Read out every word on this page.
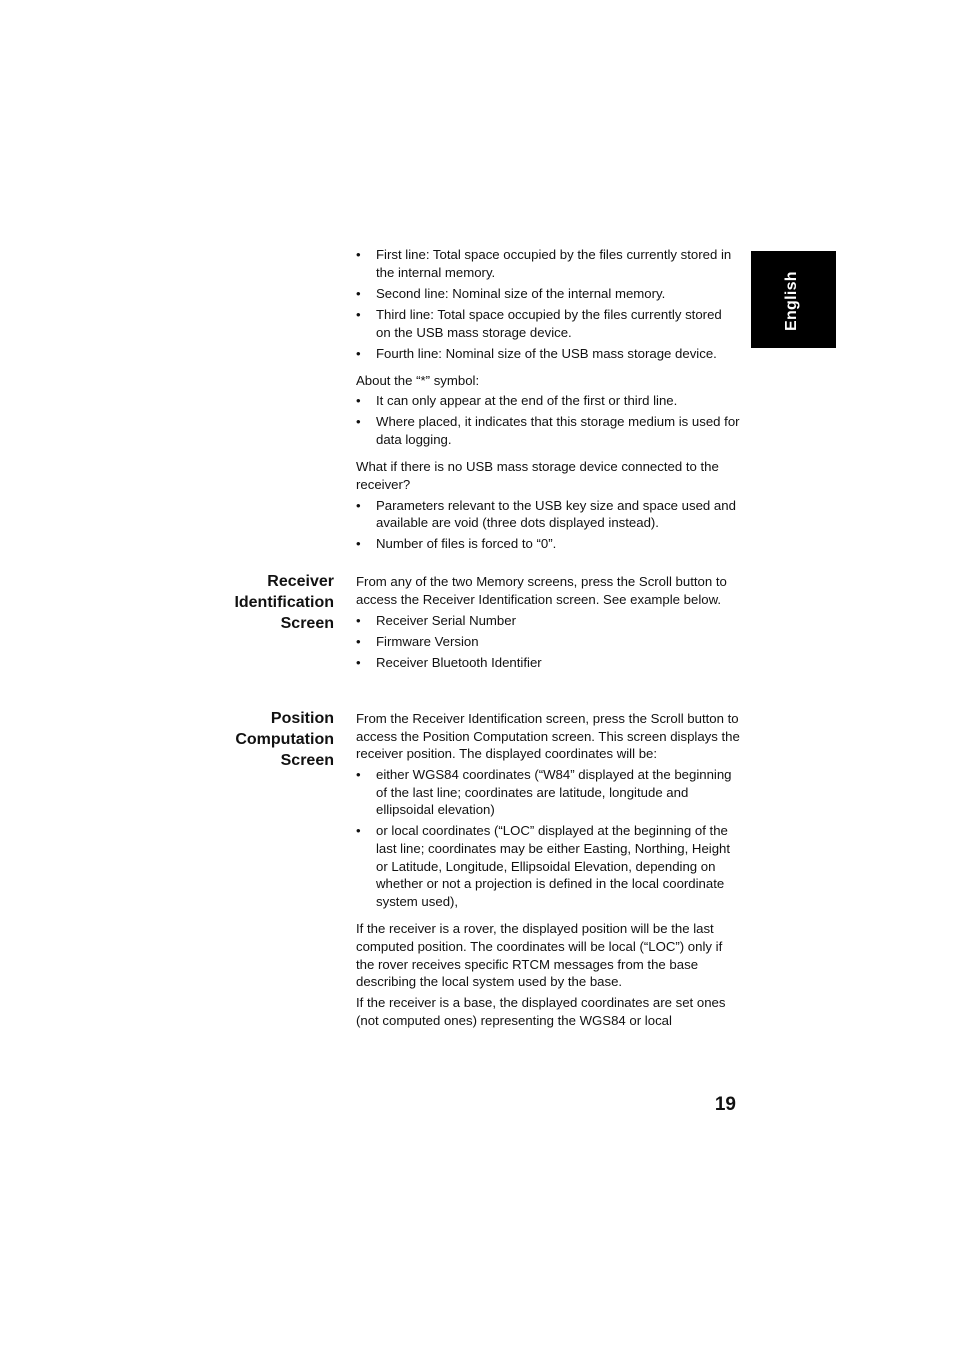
English
• First line: Total space occupied by the files currently stored in the internal memory.
• Second line: Nominal size of the internal memory.
• Third line: Total space occupied by the files currently stored on the USB mass storage device.
• Fourth line: Nominal size of the USB mass storage device.

About the “*” symbol:

• It can only appear at the end of the first or third line.
• Where placed, it indicates that this storage medium is used for data logging.

What if there is no USB mass storage device connected to the receiver?

• Parameters relevant to the USB key size and space used and available are void (three dots displayed instead).
• Number of files is forced to “0”.
Receiver
Identification
Screen

From any of the two Memory screens, press the Scroll button to access the Receiver Identification screen. See example below.

• Receiver Serial Number
• Firmware Version
• Receiver Bluetooth Identifier
Position
Computation
Screen

From the Receiver Identification screen, press the Scroll button to access the Position Computation screen. This screen displays the receiver position. The displayed coordinates will be:

• either WGS84 coordinates (“W84” displayed at the beginning of the last line; coordinates are latitude, longitude and ellipsoidal elevation)
• or local coordinates (“LOC” displayed at the beginning of the last line; coordinates may be either Easting, Northing, Height or Latitude, Longitude, Ellipsoidal Elevation, depending on whether or not a projection is defined in the local coordinate system used),

If the receiver is a rover, the displayed position will be the last computed position. The coordinates will be local (“LOC”) only if the rover receives specific RTCM messages from the base describing the local system used by the base.

If the receiver is a base, the displayed coordinates are set ones (not computed ones) representing the WGS84 or local

19
